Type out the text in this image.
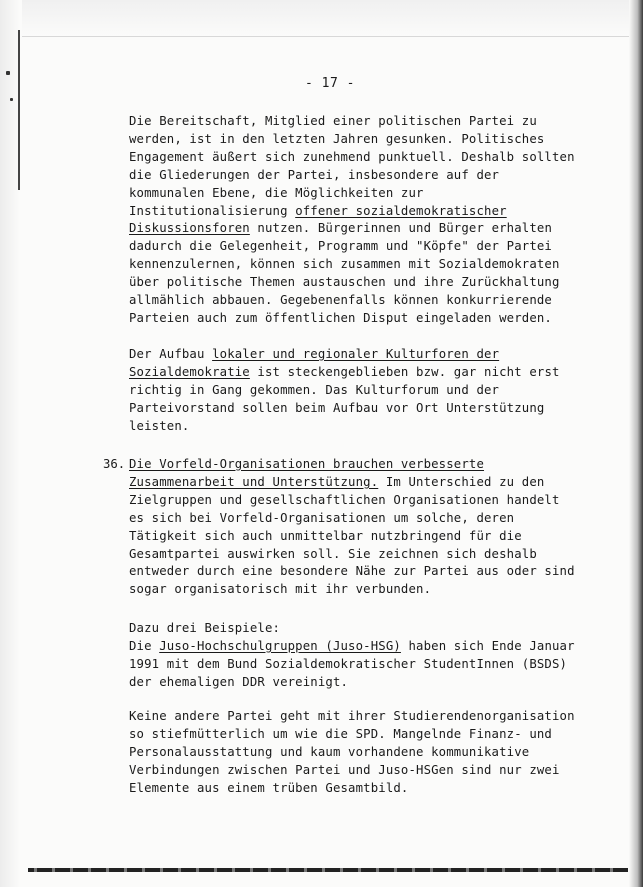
- 17 -
Die Bereitschaft, Mitglied einer politischen Partei zu
werden, ist in den letzten Jahren gesunken. Politisches
Engagement äußert sich zunehmend punktuell. Deshalb sollten
die Gliederungen der Partei, insbesondere auf der
kommunalen Ebene, die Möglichkeiten zur
Institutionalisierung offener sozialdemokratischer
Diskussionsforen nutzen. Bürgerinnen und Bürger erhalten
dadurch die Gelegenheit, Programm und "Köpfe" der Partei
kennenzulernen, können sich zusammen mit Sozialdemokraten
über politische Themen austauschen und ihre Zurückhaltung
allmählich abbauen. Gegebenenfalls können konkurrierende
Parteien auch zum öffentlichen Disput eingeladen werden.
Der Aufbau lokaler und regionaler Kulturforen der
Sozialdemokratie ist steckengeblieben bzw. gar nicht erst
richtig in Gang gekommen. Das Kulturforum und der
Parteivorstand sollen beim Aufbau vor Ort Unterstützung
leisten.
36. Die Vorfeld-Organisationen brauchen verbesserte
Zusammenarbeit und Unterstützung. Im Unterschied zu den
Zielgruppen und gesellschaftlichen Organisationen handelt
es sich bei Vorfeld-Organisationen um solche, deren
Tätigkeit sich auch unmittelbar nutzbringend für die
Gesamtpartei auswirken soll. Sie zeichnen sich deshalb
entweder durch eine besondere Nähe zur Partei aus oder sind
sogar organisatorisch mit ihr verbunden.
Dazu drei Beispiele:
Die Juso-Hochschulgruppen (Juso-HSG) haben sich Ende Januar
1991 mit dem Bund Sozialdemokratischer StudentInnen (BSDS)
der ehemaligen DDR vereinigt.
Keine andere Partei geht mit ihrer Studierendenorganisation
so stiefmütterlich um wie die SPD. Mangelnde Finanz- und
Personalausstattung und kaum vorhandene kommunikative
Verbindungen zwischen Partei und Juso-HSGen sind nur zwei
Elemente aus einem trüben Gesamtbild.
